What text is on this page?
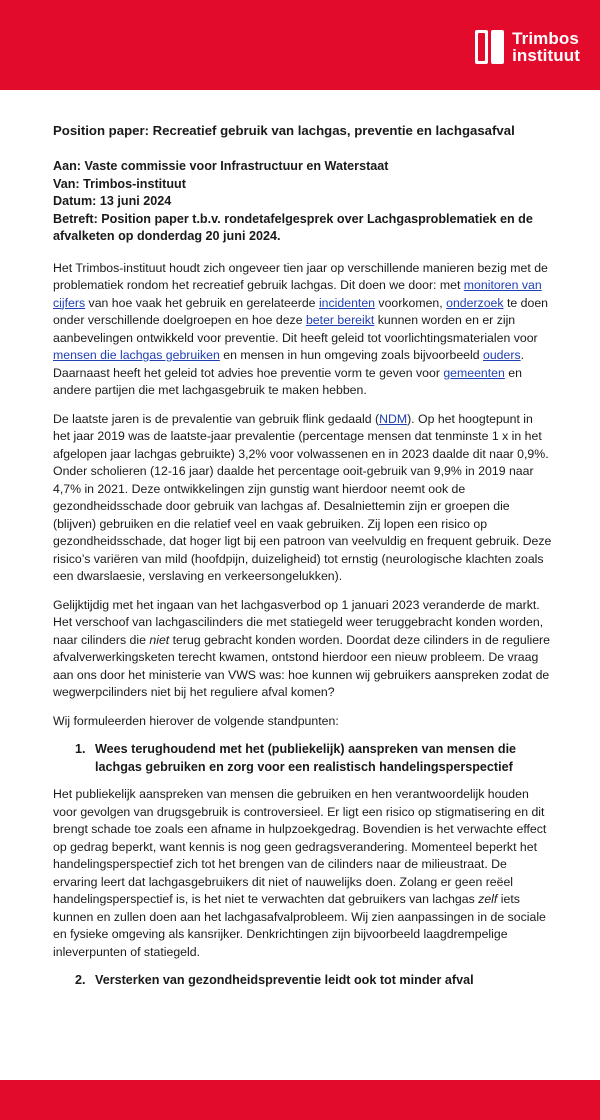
Trimbos
instituut
Position paper: Recreatief gebruik van lachgas, preventie en lachgasafval
Aan: Vaste commissie voor Infrastructuur en Waterstaat
Van: Trimbos-instituut
Datum: 13 juni 2024
Betreft: Position paper t.b.v. rondetafelgesprek over Lachgasproblematiek en de afvalketen op donderdag 20 juni 2024.

Het Trimbos-instituut houdt zich ongeveer tien jaar op verschillende manieren bezig met de problematiek rondom het recreatief gebruik lachgas. Dit doen we door: met monitoren van cijfers van hoe vaak het gebruik en gerelateerde incidenten voorkomen, onderzoek te doen onder verschillende doelgroepen en hoe deze beter bereikt kunnen worden en er zijn aanbevelingen ontwikkeld voor preventie. Dit heeft geleid tot voorlichtingsmaterialen voor mensen die lachgas gebruiken en mensen in hun omgeving zoals bijvoorbeeld ouders. Daarnaast heeft het geleid tot advies hoe preventie vorm te geven voor gemeenten en andere partijen die met lachgasgebruik te maken hebben.

De laatste jaren is de prevalentie van gebruik flink gedaald (NDM). Op het hoogtepunt in het jaar 2019 was de laatste-jaar prevalentie (percentage mensen dat tenminste 1 x in het afgelopen jaar lachgas gebruikte) 3,2% voor volwassenen en in 2023 daalde dit naar 0,9%. Onder scholieren (12-16 jaar) daalde het percentage ooit-gebruik van 9,9% in 2019 naar 4,7% in 2021. Deze ontwikkelingen zijn gunstig want hierdoor neemt ook de gezondheidsschade door gebruik van lachgas af. Desalniettemin zijn er groepen die (blijven) gebruiken en die relatief veel en vaak gebruiken. Zij lopen een risico op gezondheidsschade, dat hoger ligt bij een patroon van veelvuldig en frequent gebruik. Deze risico’s variëren van mild (hoofdpijn, duizeligheid) tot ernstig (neurologische klachten zoals een dwarslaesie, verslaving en verkeersongelukken).

Gelijktijdig met het ingaan van het lachgasverbod op 1 januari 2023 veranderde de markt. Het verschoof van lachgascilinders die met statiegeld weer teruggebracht konden worden, naar cilinders die niet terug gebracht konden worden. Doordat deze cilinders in de reguliere afvalverwerkingsketen terecht kwamen, ontstond hierdoor een nieuw probleem. De vraag aan ons door het ministerie van VWS was: hoe kunnen wij gebruikers aanspreken zodat de wegwerpcilinders niet bij het reguliere afval komen?

Wij formuleerden hierover de volgende standpunten:

1. Wees terughoudend met het (publiekelijk) aanspreken van mensen die lachgas gebruiken en zorg voor een realistisch handelingsperspectief

Het publiekelijk aanspreken van mensen die gebruiken en hen verantwoordelijk houden voor gevolgen van drugsgebruik is controversieel. Er ligt een risico op stigmatisering en dit brengt schade toe zoals een afname in hulpzoekgedrag. Bovendien is het verwachte effect op gedrag beperkt, want kennis is nog geen gedragsverandering. Momenteel beperkt het handelingsperspectief zich tot het brengen van de cilinders naar de milieustraat. De ervaring leert dat lachgasgebruikers dit niet of nauwelijks doen. Zolang er geen reëel handelingsperspectief is, is het niet te verwachten dat gebruikers van lachgas zelf iets kunnen en zullen doen aan het lachgasafvalprobleem. Wij zien aanpassingen in de sociale en fysieke omgeving als kansrijker. Denkrichtingen zijn bijvoorbeeld laagdrempelige inleverpunten of statiegeld.

2. Versterken van gezondheidspreventie leidt ook tot minder afval
